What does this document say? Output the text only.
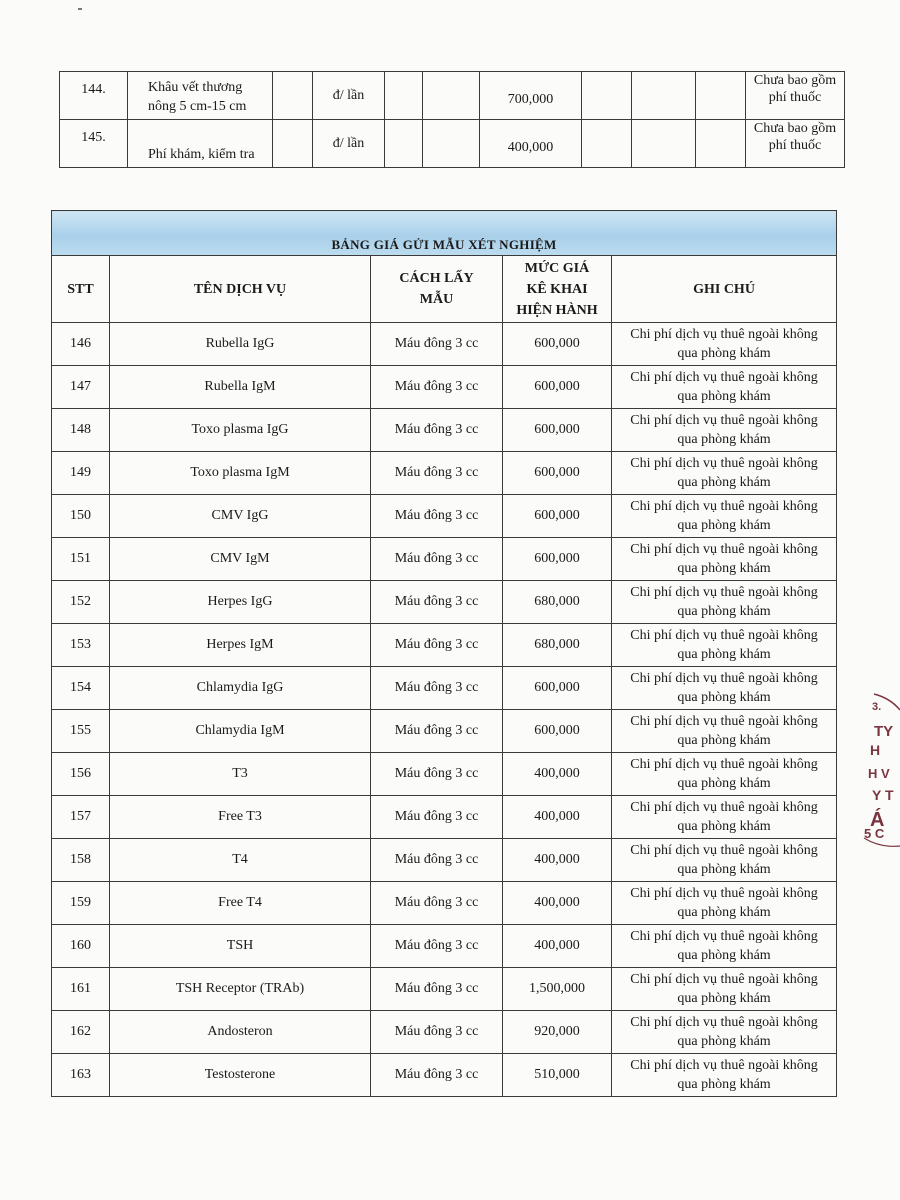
144.	Khâu vết thương
nông 5 cm-15 cm		đ/ lần			700,000				Chưa bao gồm
phí thuốc
145.	Phí khám, kiểm tra		đ/ lần			400,000				Chưa bao gồm
phí thuốc
BẢNG GIÁ GỬI MẪU XÉT NGHIỆM				
STT	TÊN DỊCH VỤ	CÁCH LẤY
MẪU	MỨC GIÁ
KÊ KHAI
HIỆN HÀNH	GHI CHÚ
146	Rubella IgG	Máu đông 3 cc	600,000	Chi phí dịch vụ thuê ngoài không
qua phòng khám
147	Rubella IgM	Máu đông 3 cc	600,000	Chi phí dịch vụ thuê ngoài không
qua phòng khám
148	Toxo plasma IgG	Máu đông 3 cc	600,000	Chi phí dịch vụ thuê ngoài không
qua phòng khám
149	Toxo plasma IgM	Máu đông 3 cc	600,000	Chi phí dịch vụ thuê ngoài không
qua phòng khám
150	CMV IgG	Máu đông 3 cc	600,000	Chi phí dịch vụ thuê ngoài không
qua phòng khám
151	CMV IgM	Máu đông 3 cc	600,000	Chi phí dịch vụ thuê ngoài không
qua phòng khám
152	Herpes IgG	Máu đông 3 cc	680,000	Chi phí dịch vụ thuê ngoài không
qua phòng khám
153	Herpes IgM	Máu đông 3 cc	680,000	Chi phí dịch vụ thuê ngoài không
qua phòng khám
154	Chlamydia IgG	Máu đông 3 cc	600,000	Chi phí dịch vụ thuê ngoài không
qua phòng khám
155	Chlamydia IgM	Máu đông 3 cc	600,000	Chi phí dịch vụ thuê ngoài không
qua phòng khám
156	T3	Máu đông 3 cc	400,000	Chi phí dịch vụ thuê ngoài không
qua phòng khám
157	Free T3	Máu đông 3 cc	400,000	Chi phí dịch vụ thuê ngoài không
qua phòng khám
158	T4	Máu đông 3 cc	400,000	Chi phí dịch vụ thuê ngoài không
qua phòng khám
159	Free T4	Máu đông 3 cc	400,000	Chi phí dịch vụ thuê ngoài không
qua phòng khám
160	TSH	Máu đông 3 cc	400,000	Chi phí dịch vụ thuê ngoài không
qua phòng khám
161	TSH Receptor (TRAb)	Máu đông 3 cc	1,500,000	Chi phí dịch vụ thuê ngoài không
qua phòng khám
162	Andosteron	Máu đông 3 cc	920,000	Chi phí dịch vụ thuê ngoài không
qua phòng khám
163	Testosterone	Máu đông 3 cc	510,000	Chi phí dịch vụ thuê ngoài không
qua phòng khám
3.
TY
H
H V
Y T
Á
5 C
